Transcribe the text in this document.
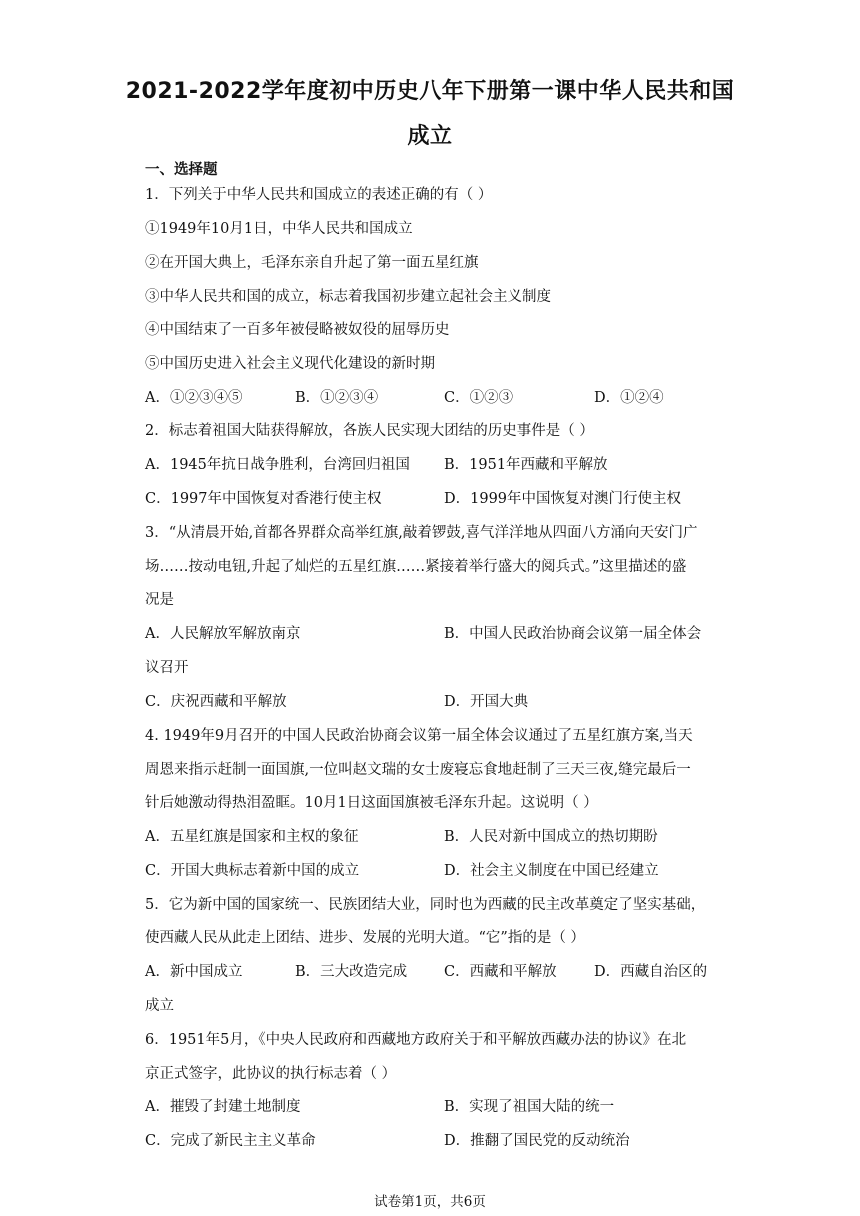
2021-2022学年度初中历史八年下册第一课中华人民共和国
成立
一、选择题
1．下列关于中华人民共和国成立的表述正确的有（ ）
①1949年10月1日，中华人民共和国成立
②在开国大典上，毛泽东亲自升起了第一面五星红旗
③中华人民共和国的成立，标志着我国初步建立起社会主义制度
④中国结束了一百多年被侵略被奴役的屈辱历史
⑤中国历史进入社会主义现代化建设的新时期
A．①②③④⑤	B．①②③④	C．①②③	D．①②④
2．标志着祖国大陆获得解放，各族人民实现大团结的历史事件是（ ）
A．1945年抗日战争胜利，台湾回归祖国 B．1951年西藏和平解放
C．1997年中国恢复对香港行使主权	D．1999年中国恢复对澳门行使主权
3．“从清晨开始,首都各界群众高举红旗,敲着锣鼓,喜气洋洋地从四面八方涌向天安门广
场……按动电钮,升起了灿烂的五星红旗……紧接着举行盛大的阅兵式。”这里描述的盛
况是
A．人民解放军解放南京	B．中国人民政治协商会议第一届全体会
议召开
C．庆祝西藏和平解放	D．开国大典
4. 1949年9月召开的中国人民政治协商会议第一届全体会议通过了五星红旗方案,当天
周恩来指示赶制一面国旗,一位叫赵文瑞的女士废寝忘食地赶制了三天三夜,缝完最后一
针后她激动得热泪盈眶。10月1日这面国旗被毛泽东升起。这说明（ ）
A．五星红旗是国家和主权的象征	B．人民对新中国成立的热切期盼
C．开国大典标志着新中国的成立	D．社会主义制度在中国已经建立
5．它为新中国的国家统一、民族团结大业，同时也为西藏的民主改革奠定了坚实基础，
使西藏人民从此走上团结、进步、发展的光明大道。“它”指的是（ ）
A．新中国成立	B．三大改造完成	C．西藏和平解放	D．西藏自治区的
成立
6．1951年5月，《中央人民政府和西藏地方政府关于和平解放西藏办法的协议》在北
京正式签字，此协议的执行标志着（ ）
A．摧毁了封建土地制度	B．实现了祖国大陆的统一
C．完成了新民主主义革命	D．推翻了国民党的反动统治
试卷第1页，共6页
